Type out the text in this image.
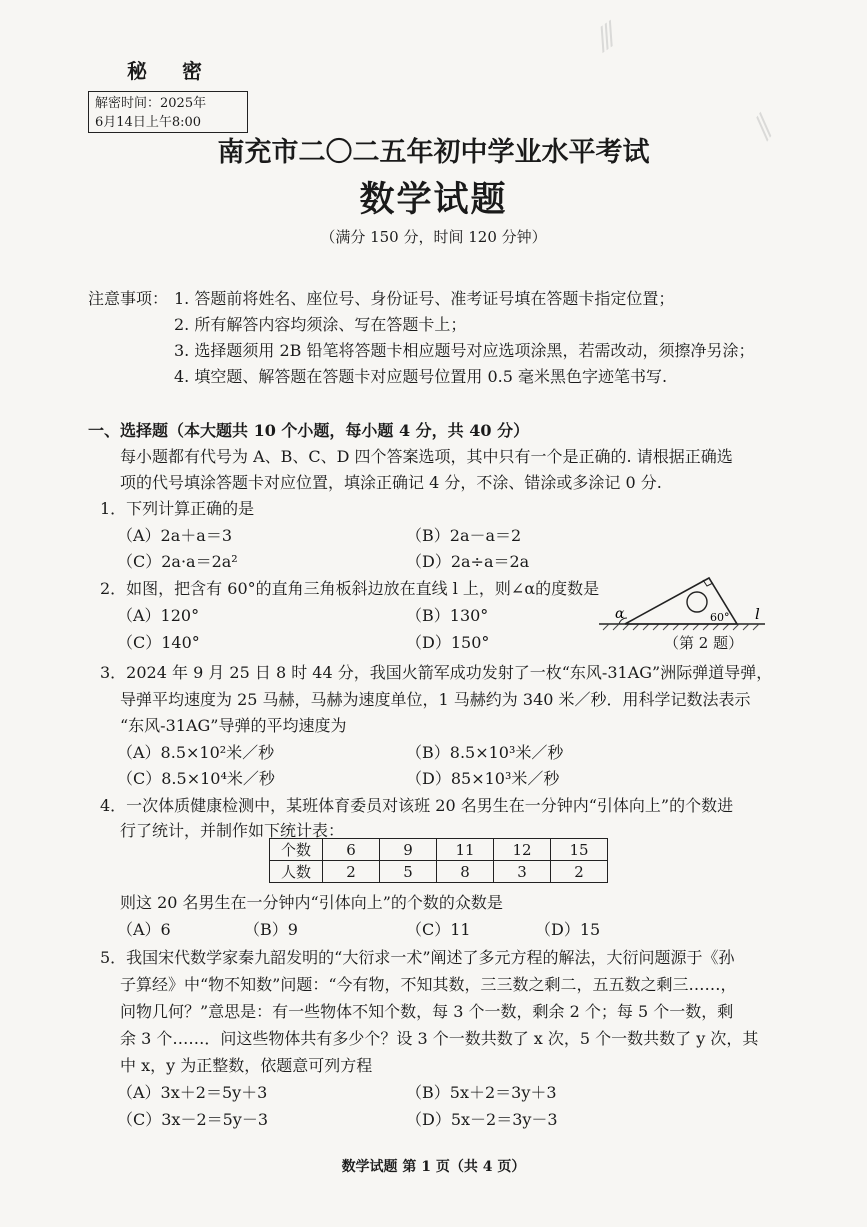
⁄⁄⁄
⁄⁄
秘 密
解密时间：2025年
6月14日上午8:00
南充市二〇二五年初中学业水平考试
数学试题
（满分 150 分，时间 120 分钟）
注意事项： 1. 答题前将姓名、座位号、身份证号、准考证号填在答题卡指定位置；
2. 所有解答内容均须涂、写在答题卡上；
3. 选择题须用 2B 铅笔将答题卡相应题号对应选项涂黑，若需改动，须擦净另涂；
4. 填空题、解答题在答题卡对应题号位置用 0.5 毫米黑色字迹笔书写.
一、选择题（本大题共 10 个小题，每小题 4 分，共 40 分）
每小题都有代号为 A、B、C、D 四个答案选项，其中只有一个是正确的. 请根据正确选
项的代号填涂答题卡对应位置，填涂正确记 4 分，不涂、错涂或多涂记 0 分.
1．下列计算正确的是
（A）2a＋a＝3	（B）2a－a＝2
（C）2a·a＝2a²	（D）2a÷a＝2a
2．如图，把含有 60°的直角三角板斜边放在直线 l 上，则∠α的度数是
（A）120°	（B）130°
（C）140°	（D）150°
α	60° l
（第 2 题）
3．2024 年 9 月 25 日 8 时 44 分，我国火箭军成功发射了一枚“东风-31AG”洲际弹道导弹，
导弹平均速度为 25 马赫，马赫为速度单位，1 马赫约为 340 米／秒．用科学记数法表示
“东风-31AG”导弹的平均速度为
（A）8.5×10²米／秒	（B）8.5×10³米／秒
（C）8.5×10⁴米／秒	（D）85×10³米／秒
4．一次体质健康检测中，某班体育委员对该班 20 名男生在一分钟内“引体向上”的个数进
行了统计，并制作如下统计表：
个数	6	9	11	12	15
人数	2	5	8	3	2
则这 20 名男生在一分钟内“引体向上”的个数的众数是
（A）6	（B）9	（C）11	（D）15
5．我国宋代数学家秦九韶发明的“大衍求一术”阐述了多元方程的解法，大衍问题源于《孙
子算经》中“物不知数”问题：“今有物，不知其数，三三数之剩二，五五数之剩三……，
问物几何？”意思是：有一些物体不知个数，每 3 个一数，剩余 2 个；每 5 个一数，剩
余 3 个……．问这些物体共有多少个？设 3 个一数共数了 x 次，5 个一数共数了 y 次，其
中 x，y 为正整数，依题意可列方程
（A）3x＋2＝5y＋3	（B）5x＋2＝3y＋3
（C）3x－2＝5y－3	（D）5x－2＝3y－3
数学试题 第 1 页（共 4 页）
